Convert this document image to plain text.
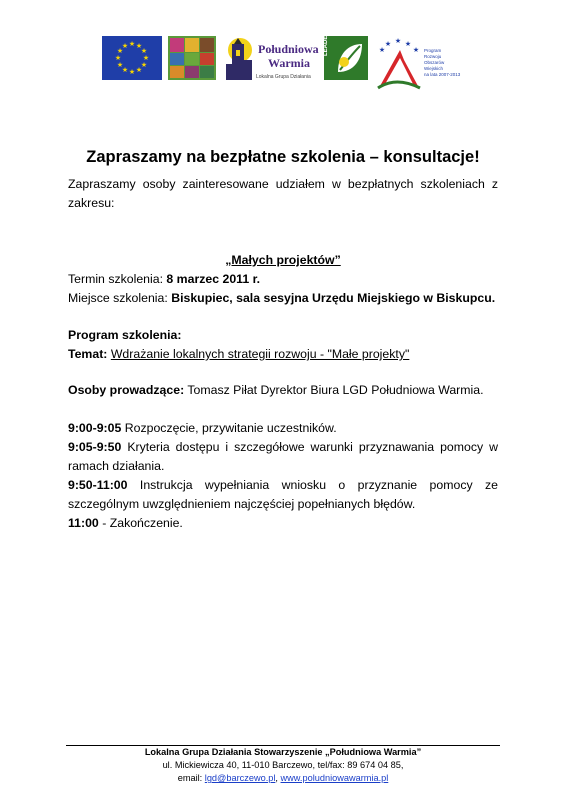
★ ★
★
★
★
★
★
★
★
★
★
★	Południowa
Warmia
Lokalna Grupa Działania
LEADER	★ ★ ★
★
★	Program
Rozwoju
Obszarów
Wiejskich
na lata 2007-2013
Zapraszamy na bezpłatne szkolenia – konsultacje!
Zapraszamy osoby zainteresowane udziałem w bezpłatnych szkoleniach z
zakresu:
„Małych projektów”
Termin szkolenia: 8 marzec 2011 r.
Miejsce szkolenia: Biskupiec, sala sesyjna Urzędu Miejskiego w Biskupcu.
Program szkolenia:
Temat: Wdrażanie lokalnych strategii rozwoju - "Małe projekty"
Osoby prowadzące: Tomasz Piłat Dyrektor Biura LGD Południowa Warmia.
9:00-9:05 Rozpoczęcie, przywitanie uczestników.
9:05-9:50 Kryteria dostępu i szczegółowe warunki przyznawania pomocy w
ramach działania.
9:50-11:00 Instrukcja wypełniania wniosku o przyznanie pomocy ze
szczególnym uwzględnieniem najczęściej popełnianych błędów.
11:00 - Zakończenie.
Lokalna Grupa Działania Stowarzyszenie „Południowa Warmia”
ul. Mickiewicza 40, 11-010 Barczewo, tel/fax: 89 674 04 85,
email: lgd@barczewo.pl, www.poludniowawarmia.pl
